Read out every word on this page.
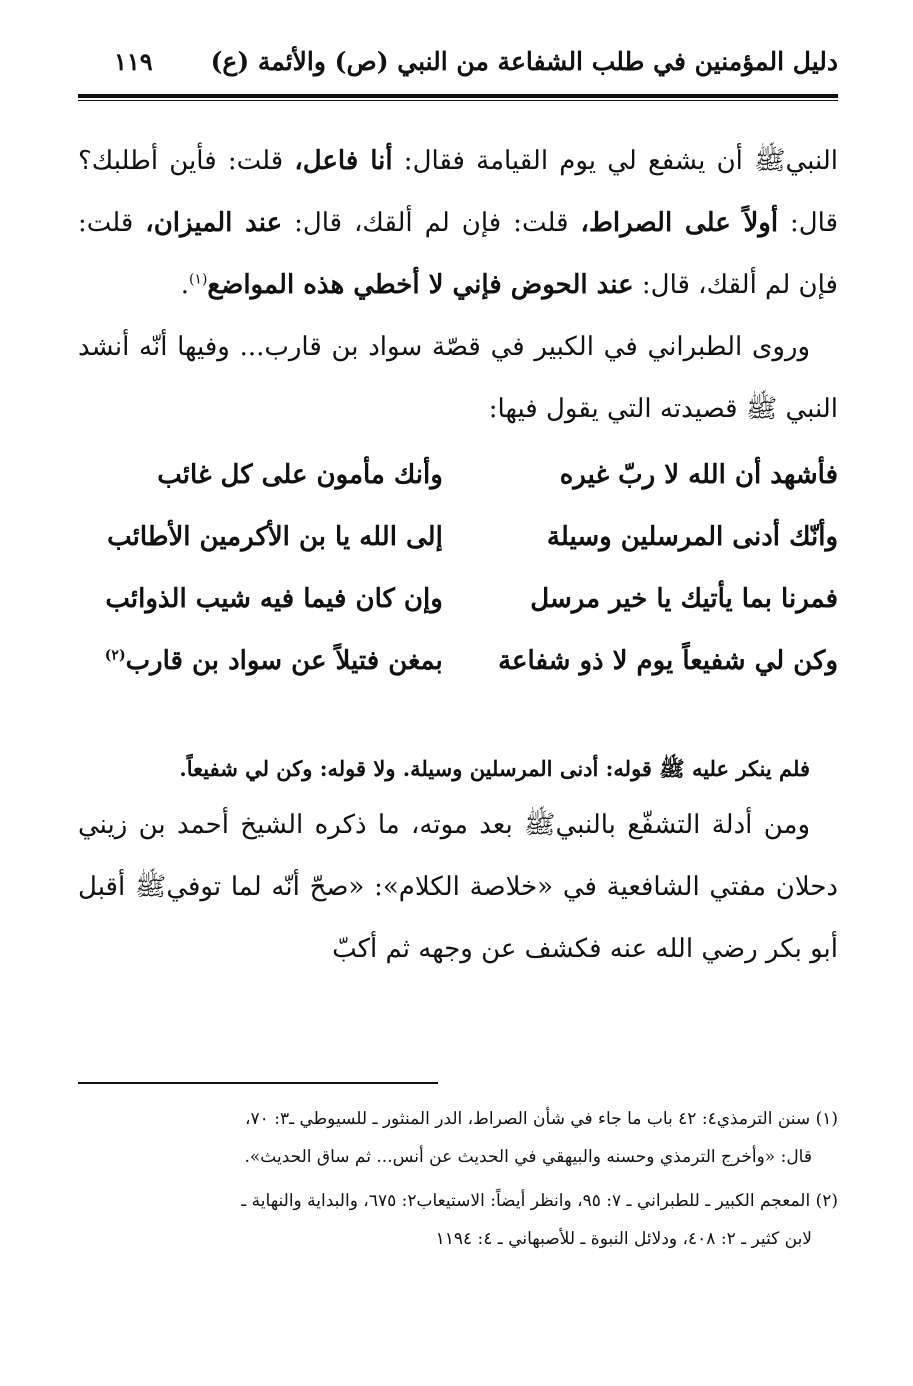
دليل المؤمنين في طلب الشفاعة من النبي (ص) والأئمة (ع)
١١٩

النبيﷺ أن يشفع لي يوم القيامة فقال: أنا فاعل، قلت: فأين أطلبك؟ قال: أولاً على الصراط، قلت: فإن لم ألقك، قال: عند الميزان، قلت: فإن لم ألقك، قال: عند الحوض فإني لا أخطي هذه المواضع$^{(١)}$.

وروى الطبراني في الكبير في قصّة سواد بن قارب... وفيها أنّه أنشد النبي ﷺ قصيدته التي يقول فيها:

فأشهد أن الله لا ربّ غيره
وأنك مأمون على كل غائب
وأنّك أدنى المرسلين وسيلة
إلى الله يا بن الأكرمين الأطائب
فمرنا بما يأتيك يا خير مرسل
وإن كان فيما فيه شيب الذوائب
وكن لي شفيعاً يوم لا ذو شفاعة
بمغن فتيلاً عن سواد بن قارب$^{(٢)}$

فلم ينكر عليه ﷺ قوله: أدنى المرسلين وسيلة. ولا قوله: وكن لي شفيعاً.

ومن أدلة التشفّع بالنبيﷺ بعد موته، ما ذكره الشيخ أحمد بن زيني دحلان مفتي الشافعية في «خلاصة الكلام»: «صحّ أنّه لما توفيﷺ أقبل أبو بكر رضي الله عنه فكشف عن وجهه ثم أكبّ

(١) سنن الترمذي٤: ٤٢ باب ما جاء في شأن الصراط، الدر المنثور ـ للسيوطي ـ٣: ٧٠،
قال: «وأخرج الترمذي وحسنه والبيهقي في الحديث عن أنس... ثم ساق الحديث».

(٢) المعجم الكبير ـ للطبراني ـ ٧: ٩٥، وانظر أيضاً: الاستيعاب٢: ٦٧٥، والبداية والنهاية ـ
لابن كثير ـ ٢: ٤٠٨، ودلائل النبوة ـ للأصبهاني ـ ٤: ١١٩٤
